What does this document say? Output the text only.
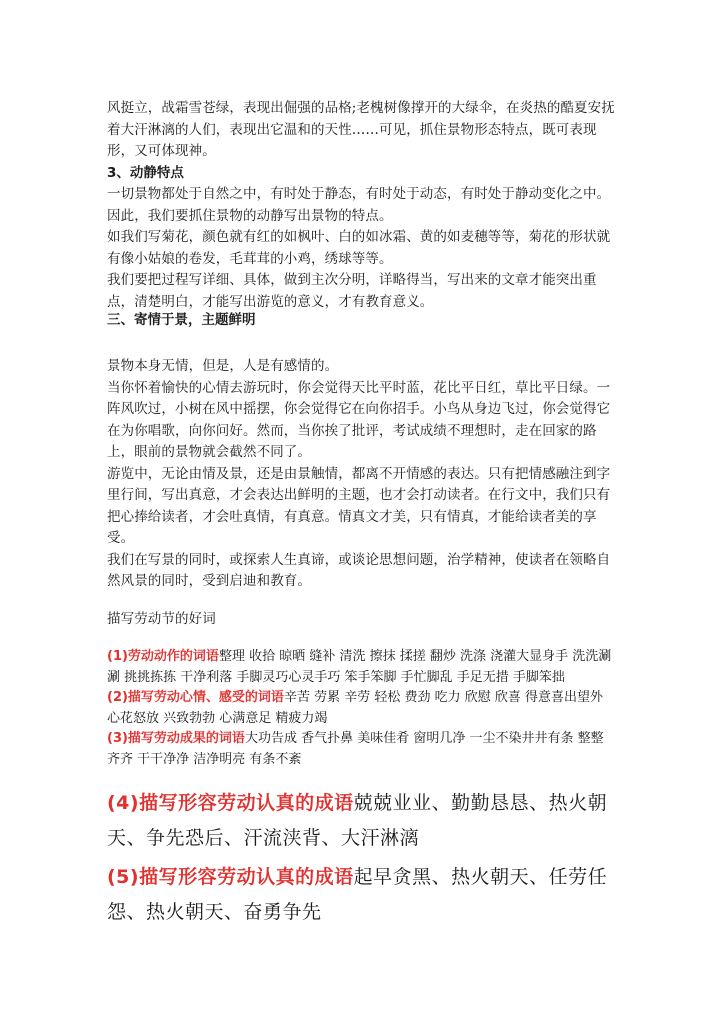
风挺立，战霜雪苍绿，表现出倔强的品格;老槐树像撑开的大绿伞，在炎热的酷夏安抚着大汗淋漓的人们，表现出它温和的天性……可见，抓住景物形态特点，既可表现形，又可体现神。

3、动静特点

一切景物都处于自然之中，有时处于静态，有时处于动态，有时处于静动变化之中。因此，我们要抓住景物的动静写出景物的特点。

如我们写菊花，颜色就有红的如枫叶、白的如冰霜、黄的如麦穗等等，菊花的形状就有像小姑娘的卷发，毛茸茸的小鸡，绣球等等。

我们要把过程写详细、具体，做到主次分明，详略得当，写出来的文章才能突出重点，清楚明白，才能写出游览的意义，才有教育意义。

三、寄情于景，主题鲜明

景物本身无情，但是，人是有感情的。

当你怀着愉快的心情去游玩时，你会觉得天比平时蓝，花比平日红，草比平日绿。一阵风吹过，小树在风中摇摆，你会觉得它在向你招手。小鸟从身边飞过，你会觉得它在为你唱歌，向你问好。然而，当你挨了批评，考试成绩不理想时，走在回家的路上，眼前的景物就会截然不同了。

游览中，无论由情及景，还是由景触情，都离不开情感的表达。只有把情感融注到字里行间，写出真意，才会表达出鲜明的主题，也才会打动读者。在行文中，我们只有把心捧给读者，才会吐真情，有真意。情真文才美，只有情真，才能给读者美的享受。

我们在写景的同时，或探索人生真谛，或谈论思想问题，治学精神，使读者在领略自然风景的同时，受到启迪和教育。

描写劳动节的好词

(1)劳动动作的词语整理 收拾 晾晒 缝补 清洗 擦抹 揉搓 翻炒 洗涤 浇灌大显身手 洗洗涮涮 挑挑拣拣 干净利落 手脚灵巧心灵手巧 笨手笨脚 手忙脚乱 手足无措 手脚笨拙

(2)描写劳动心情、感受的词语辛苦 劳累 辛劳 轻松 费劲 吃力 欣慰 欣喜 得意喜出望外 心花怒放 兴致勃勃 心满意足 精疲力竭

(3)描写劳动成果的词语大功告成 香气扑鼻 美味佳肴 窗明几净 一尘不染井井有条 整整齐齐 干干净净 洁净明亮 有条不紊

(4)描写形容劳动认真的成语兢兢业业、勤勤恳恳、热火朝天、争先恐后、汗流浃背、大汗淋漓

(5)描写形容劳动认真的成语起早贪黑、热火朝天、任劳任怨、热火朝天、奋勇争先
